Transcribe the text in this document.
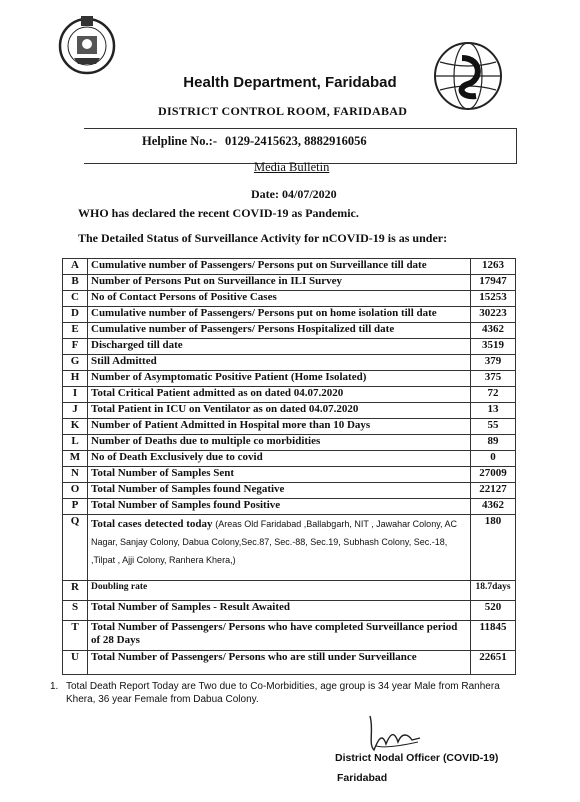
Health Department, Faridabad
DISTRICT CONTROL ROOM, FARIDABAD
Helpline No.:- 0129-2415623, 8882916056
Media Bulletin
Date: 04/07/2020
WHO has declared the recent COVID-19 as Pandemic.
The Detailed Status of Surveillance Activity for nCOVID-19 is as under:
A	Cumulative number of Passengers/ Persons put on Surveillance till date	1263
B	Number of Persons Put on Surveillance in ILI Survey	17947
C	No of Contact Persons of Positive Cases	15253
D	Cumulative number of Passengers/ Persons put on home isolation till date	30223
E	Cumulative number of Passengers/ Persons Hospitalized till date	4362
F	Discharged till date	3519
G	Still Admitted	379
H	Number of Asymptomatic Positive Patient (Home Isolated)	375
I	Total Critical Patient admitted as on dated 04.07.2020	72
J	Total Patient in ICU on Ventilator as on dated 04.07.2020	13
K	Number of Patient Admitted in Hospital more than 10 Days	55
L	Number of Deaths due to multiple co morbidities	89
M	No of Death Exclusively due to covid	0
N	Total Number of Samples Sent	27009
O	Total Number of Samples found Negative	22127
P	Total Number of Samples found Positive	4362
Q	Total cases detected today (Areas Old Faridabad ,Ballabgarh, NIT , Jawahar Colony, AC Nagar, Sanjay Colony, Dabua Colony,Sec.87, Sec.-88, Sec.19, Subhash Colony, Sec.-18, ,Tilpat , Ajji Colony, Ranhera Khera,)	180
R	Doubling rate	18.7days
S	Total Number of Samples - Result Awaited	520
T	Total Number of Passengers/ Persons who have completed Surveillance period of 28 Days	11845
U	Total Number of Passengers/ Persons who are still under Surveillance	22651
1. Total Death Report Today are Two due to Co-Morbidities, age group is 34 year Male from Ranhera Khera, 36 year Female from Dabua Colony.
District Nodal Officer (COVID-19)
Faridabad
